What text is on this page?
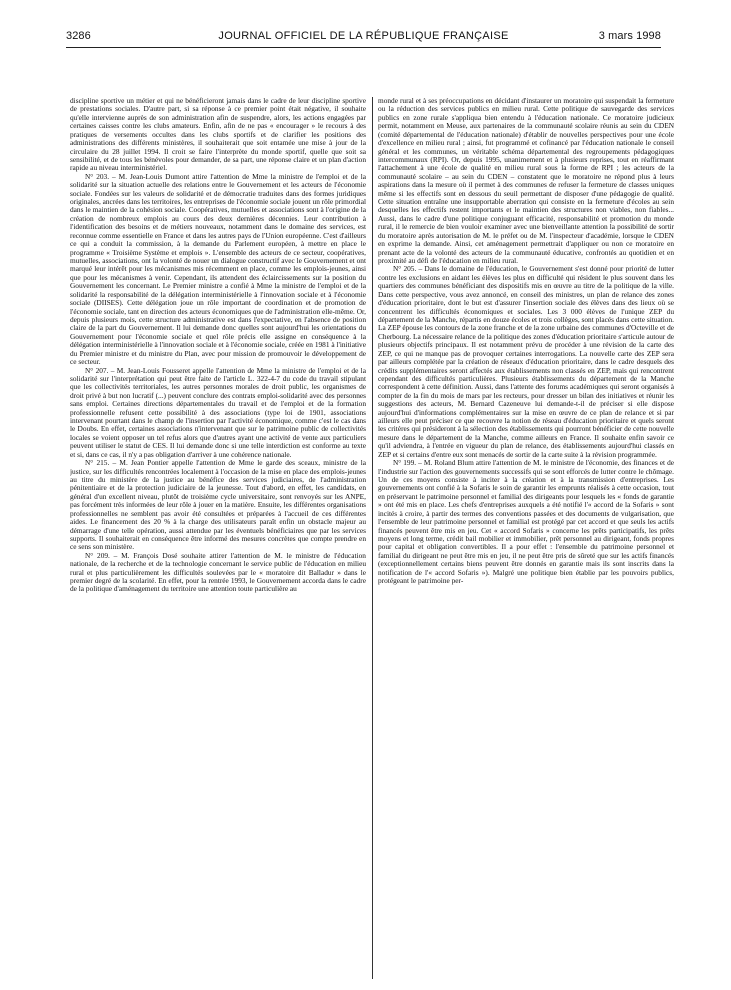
3286	JOURNAL OFFICIEL DE LA RÉPUBLIQUE FRANÇAISE	3 mars 1998

discipline sportive un métier et qui ne bénéficieront jamais dans le cadre de leur discipline sportive de prestations sociales. D'autre part, si sa réponse à ce premier point était négative, il souhaite qu'elle intervienne auprès de son administration afin de suspendre, alors, les actions engagées par certaines caisses contre les clubs amateurs. Enfin, afin de ne pas « encourager » le recours à des pratiques de versements occultes dans les clubs sportifs et de clarifier les positions des administrations des différents ministères, il souhaiterait que soit entamée une mise à jour de la circulaire du 28 juillet 1994. Il croit se faire l'interprète du monde sportif, quelle que soit sa sensibilité, et de tous les bénévoles pour demander, de sa part, une réponse claire et un plan d'action rapide au niveau interministériel.

N° 203. – M. Jean-Louis Dumont attire l'attention de Mme la ministre de l'emploi et de la solidarité sur la situation actuelle des relations entre le Gouvernement et les acteurs de l'économie sociale. Fondées sur les valeurs de solidarité et de démocratie traduites dans des formes juridiques originales, ancrées dans les territoires, les entreprises de l'économie sociale jouent un rôle primordial dans le maintien de la cohésion sociale. Coopératives, mutuelles et associations sont à l'origine de la création de nombreux emplois au cours des deux dernières décennies. Leur contribution à l'identification des besoins et de métiers nouveaux, notamment dans le domaine des services, est reconnue comme essentielle en France et dans les autres pays de l'Union européenne. C'est d'ailleurs ce qui a conduit la commission, à la demande du Parlement européen, à mettre en place le programme « Troisième Système et emplois ». L'ensemble des acteurs de ce secteur, coopératives, mutuelles, associations, ont la volonté de nouer un dialogue constructif avec le Gouvernement et ont marqué leur intérêt pour les mécanismes mis récemment en place, comme les emplois-jeunes, ainsi que pour les mécanismes à venir. Cependant, ils attendent des éclaircissements sur la position du Gouvernement les concernant. Le Premier ministre a confié à Mme la ministre de l'emploi et de la solidarité la responsabilité de la délégation interministérielle à l'innovation sociale et à l'économie sociale (DIISES). Cette délégation joue un rôle important de coordination et de promotion de l'économie sociale, tant en direction des acteurs économiques que de l'administration elle-même. Or, depuis plusieurs mois, cette structure administrative est dans l'expectative, en l'absence de position claire de la part du Gouvernement. Il lui demande donc quelles sont aujourd'hui les orientations du Gouvernement pour l'économie sociale et quel rôle précis elle assigne en conséquence à la délégation interministérielle à l'innovation sociale et à l'économie sociale, créée en 1981 à l'initiative du Premier ministre et du ministre du Plan, avec pour mission de promouvoir le développement de ce secteur.

N° 207. – M. Jean-Louis Fousseret appelle l'attention de Mme la ministre de l'emploi et de la solidarité sur l'interprétation qui peut être faite de l'article L. 322-4-7 du code du travail stipulant que les collectivités territoriales, les autres personnes morales de droit public, les organismes de droit privé à but non lucratif (...) peuvent conclure des contrats emploi-solidarité avec des personnes sans emploi. Certaines directions départementales du travail et de l'emploi et de la formation professionnelle refusent cette possibilité à des associations (type loi de 1901, associations intervenant pourtant dans le champ de l'insertion par l'activité économique, comme c'est le cas dans le Doubs. En effet, certaines associations n'intervenant que sur le patrimoine public de collectivités locales se voient opposer un tel refus alors que d'autres ayant une activité de vente aux particuliers peuvent utiliser le statut de CES. Il lui demande donc si une telle interdiction est conforme au texte et si, dans ce cas, il n'y a pas obligation d'arriver à une cohérence nationale.

N° 215. – M. Jean Pontier appelle l'attention de Mme le garde des sceaux, ministre de la justice, sur les difficultés rencontrées localement à l'occasion de la mise en place des emplois-jeunes au titre du ministère de la justice au bénéfice des services judiciaires, de l'administration pénitentiaire et de la protection judiciaire de la jeunesse. Tout d'abord, en effet, les candidats, en général d'un excellent niveau, plutôt de troisième cycle universitaire, sont renvoyés sur les ANPE, pas forcément très informées de leur rôle à jouer en la matière. Ensuite, les différentes organisations professionnelles ne semblent pas avoir été consultées et préparées à l'accueil de ces différentes aides. Le financement des 20 % à la charge des utilisateurs paraît enfin un obstacle majeur au démarrage d'une telle opération, aussi attendue par les éventuels bénéficiaires que par les services supports. Il souhaiterait en conséquence être informé des mesures concrètes que compte prendre en ce sens son ministère.

N° 209. – M. François Dosé souhaite attirer l'attention de M. le ministre de l'éducation nationale, de la recherche et de la technologie concernant le service public de l'éducation en milieu rural et plus particulièrement les difficultés soulevées par le « moratoire dit Balladur » dans le premier degré de la scolarité. En effet, pour la rentrée 1993, le Gouvernement accorda dans le cadre de la politique d'aménagement du territoire une attention toute particulière au

monde rural et à ses préoccupations en décidant d'instaurer un moratoire qui suspendait la fermeture ou la réduction des services publics en milieu rural. Cette politique de sauvegarde des services publics en zone rurale s'appliqua bien entendu à l'éducation nationale. Ce moratoire judicieux permit, notamment en Meuse, aux partenaires de la communauté scolaire réunis au sein du CDEN (comité départemental de l'éducation nationale) d'établir de nouvelles perspectives pour une école d'excellence en milieu rural ; ainsi, fut programmé et cofinancé par l'éducation nationale le conseil général et les communes, un véritable schéma départemental des regroupements pédagogiques intercommunaux (RPI). Or, depuis 1995, unanimement et à plusieurs reprises, tout en réaffirmant l'attachement à une école de qualité en milieu rural sous la forme de RPI ; les acteurs de la communauté scolaire – au sein du CDEN – constatent que le moratoire ne répond plus à leurs aspirations dans la mesure où il permet à des communes de refuser la fermeture de classes uniques même si les effectifs sont en dessous du seuil permettant de disposer d'une pédagogie de qualité. Cette situation entraîne une insupportable aberration qui consiste en la fermeture d'écoles au sein desquelles les effectifs restent importants et le maintien des structures non viables, non fiables... Aussi, dans le cadre d'une politique conjuguant efficacité, responsabilité et promotion du monde rural, il le remercie de bien vouloir examiner avec une bienveillante attention la possibilité de sortir du moratoire après autorisation de M. le préfet ou de M. l'inspecteur d'académie, lorsque le CDEN en exprime la demande. Ainsi, cet aménagement permettrait d'appliquer ou non ce moratoire en prenant acte de la volonté des acteurs de la communauté éducative, confrontés au quotidien et en proximité au défi de l'éducation en milieu rural.

N° 205. – Dans le domaine de l'éducation, le Gouvernement s'est donné pour priorité de lutter contre les exclusions en aidant les élèves les plus en difficulté qui résident le plus souvent dans les quartiers des communes bénéficiant des dispositifs mis en œuvre au titre de la politique de la ville. Dans cette perspective, vous avez annoncé, en conseil des ministres, un plan de relance des zones d'éducation prioritaire, dont le but est d'assurer l'insertion sociale des élèves dans des lieux où se concentrent les difficultés économiques et sociales. Les 3 000 élèves de l'unique ZEP du département de la Manche, répartis en douze écoles et trois collèges, sont placés dans cette situation. La ZEP épouse les contours de la zone franche et de la zone urbaine des communes d'Octeville et de Cherbourg. La nécessaire relance de la politique des zones d'éducation prioritaire s'articule autour de plusieurs objectifs principaux. Il est notamment prévu de procéder à une révision de la carte des ZEP, ce qui ne manque pas de provoquer certaines interrogations. La nouvelle carte des ZEP sera par ailleurs complétée par la création de réseaux d'éducation prioritaire, dans le cadre desquels des crédits supplémentaires seront affectés aux établissements non classés en ZEP, mais qui rencontrent cependant des difficultés particulières. Plusieurs établissements du département de la Manche correspondent à cette définition. Aussi, dans l'attente des forums académiques qui seront organisés à compter de la fin du mois de mars par les recteurs, pour dresser un bilan des initiatives et réunir les suggestions des acteurs, M. Bernard Cazeneuve lui demande-t-il de préciser si elle dispose aujourd'hui d'informations complémentaires sur la mise en œuvre de ce plan de relance et si par ailleurs elle peut préciser ce que recouvre la notion de réseau d'éducation prioritaire et quels seront les critères qui présideront à la sélection des établissements qui pourront bénéficier de cette nouvelle mesure dans le département de la Manche, comme ailleurs en France. Il souhaite enfin savoir ce qu'il adviendra, à l'entrée en vigueur du plan de relance, des établissements aujourd'hui classés en ZEP et si certains d'entre eux sont menacés de sortir de la carte suite à la révision programmée.

N° 199. – M. Roland Blum attire l'attention de M. le ministre de l'économie, des finances et de l'industrie sur l'action des gouvernements successifs qui se sont efforcés de lutter contre le chômage. Un de ces moyens consiste à inciter à la création et à la transmission d'entreprises. Les gouvernements ont confié à la Sofaris le soin de garantir les emprunts réalisés à cette occasion, tout en préservant le patrimoine personnel et familial des dirigeants pour lesquels les « fonds de garantie » ont été mis en place. Les chefs d'entreprises auxquels a été notifié l'« accord de la Sofaris » sont incités à croire, à partir des termes des conventions passées et des documents de vulgarisation, que l'ensemble de leur patrimoine personnel et familial est protégé par cet accord et que seuls les actifs financés peuvent être mis en jeu. Cet « accord Sofaris » concerne les prêts participatifs, les prêts moyens et long terme, crédit bail mobilier et immobilier, prêt personnel au dirigeant, fonds propres pour capital et obligation convertibles. Il a pour effet : l'ensemble du patrimoine personnel et familial du dirigeant ne peut être mis en jeu, il ne peut être pris de sûreté que sur les actifs financés (exceptionnellement certains biens peuvent être donnés en garantie mais ils sont inscrits dans la notification de l'« accord Sofaris »). Malgré une politique bien établie par les pouvoirs publics, protégeant le patrimoine per-
